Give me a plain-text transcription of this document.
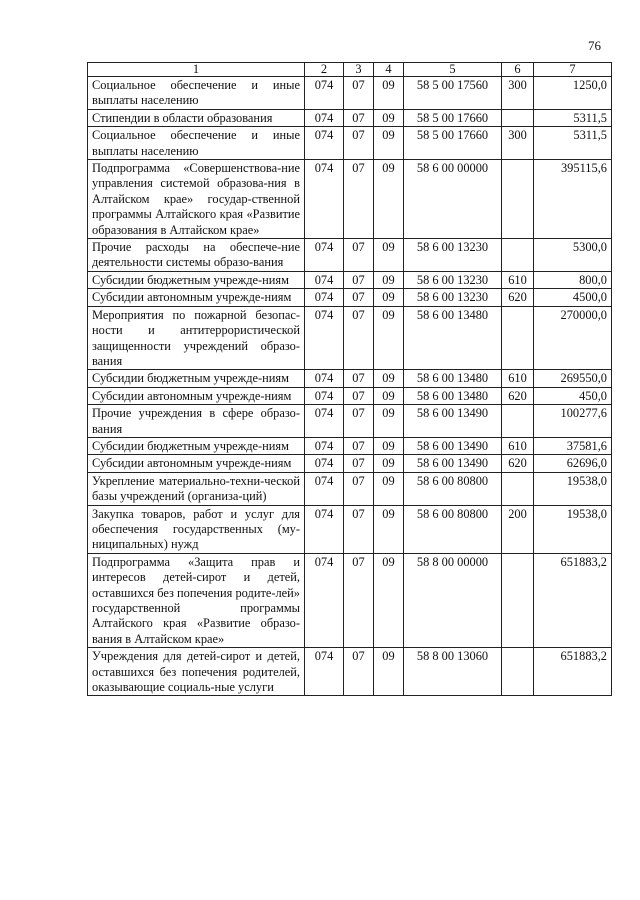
76
1	2	3	4	5	6	7
Социальное обеспечение и иные выплаты населению	074	07	09	58 5 00 17560	300	1250,0
Стипендии в области образования	074	07	09	58 5 00 17660		5311,5
Социальное обеспечение и иные выплаты населению	074	07	09	58 5 00 17660	300	5311,5
Подпрограмма «Совершенствова-ние управления системой образова-ния в Алтайском крае» государ-ственной программы Алтайского края «Развитие образования в Алтайском крае»	074	07	09	58 6 00 00000		395115,6
Прочие расходы на обеспече-ние деятельности системы образо-вания	074	07	09	58 6 00 13230		5300,0
Субсидии бюджетным учрежде-ниям	074	07	09	58 6 00 13230	610	800,0
Субсидии автономным учрежде-ниям	074	07	09	58 6 00 13230	620	4500,0
Мероприятия по пожарной безопас-ности и антитеррористической защищенности учреждений образо-вания	074	07	09	58 6 00 13480		270000,0
Субсидии бюджетным учрежде-ниям	074	07	09	58 6 00 13480	610	269550,0
Субсидии автономным учрежде-ниям	074	07	09	58 6 00 13480	620	450,0
Прочие учреждения в сфере образо-вания	074	07	09	58 6 00 13490		100277,6
Субсидии бюджетным учрежде-ниям	074	07	09	58 6 00 13490	610	37581,6
Субсидии автономным учрежде-ниям	074	07	09	58 6 00 13490	620	62696,0
Укрепление материально-техни-ческой базы учреждений (организа-ций)	074	07	09	58 6 00 80800		19538,0
Закупка товаров, работ и услуг для обеспечения государственных (му-ниципальных) нужд	074	07	09	58 6 00 80800	200	19538,0
Подпрограмма «Защита прав и интересов детей-сирот и детей, оставшихся без попечения родите-лей» государственной программы Алтайского края «Развитие образо-вания в Алтайском крае»	074	07	09	58 8 00 00000		651883,2
Учреждения для детей-сирот и детей, оставшихся без попечения родителей, оказывающие социаль-ные услуги	074	07	09	58 8 00 13060		651883,2
